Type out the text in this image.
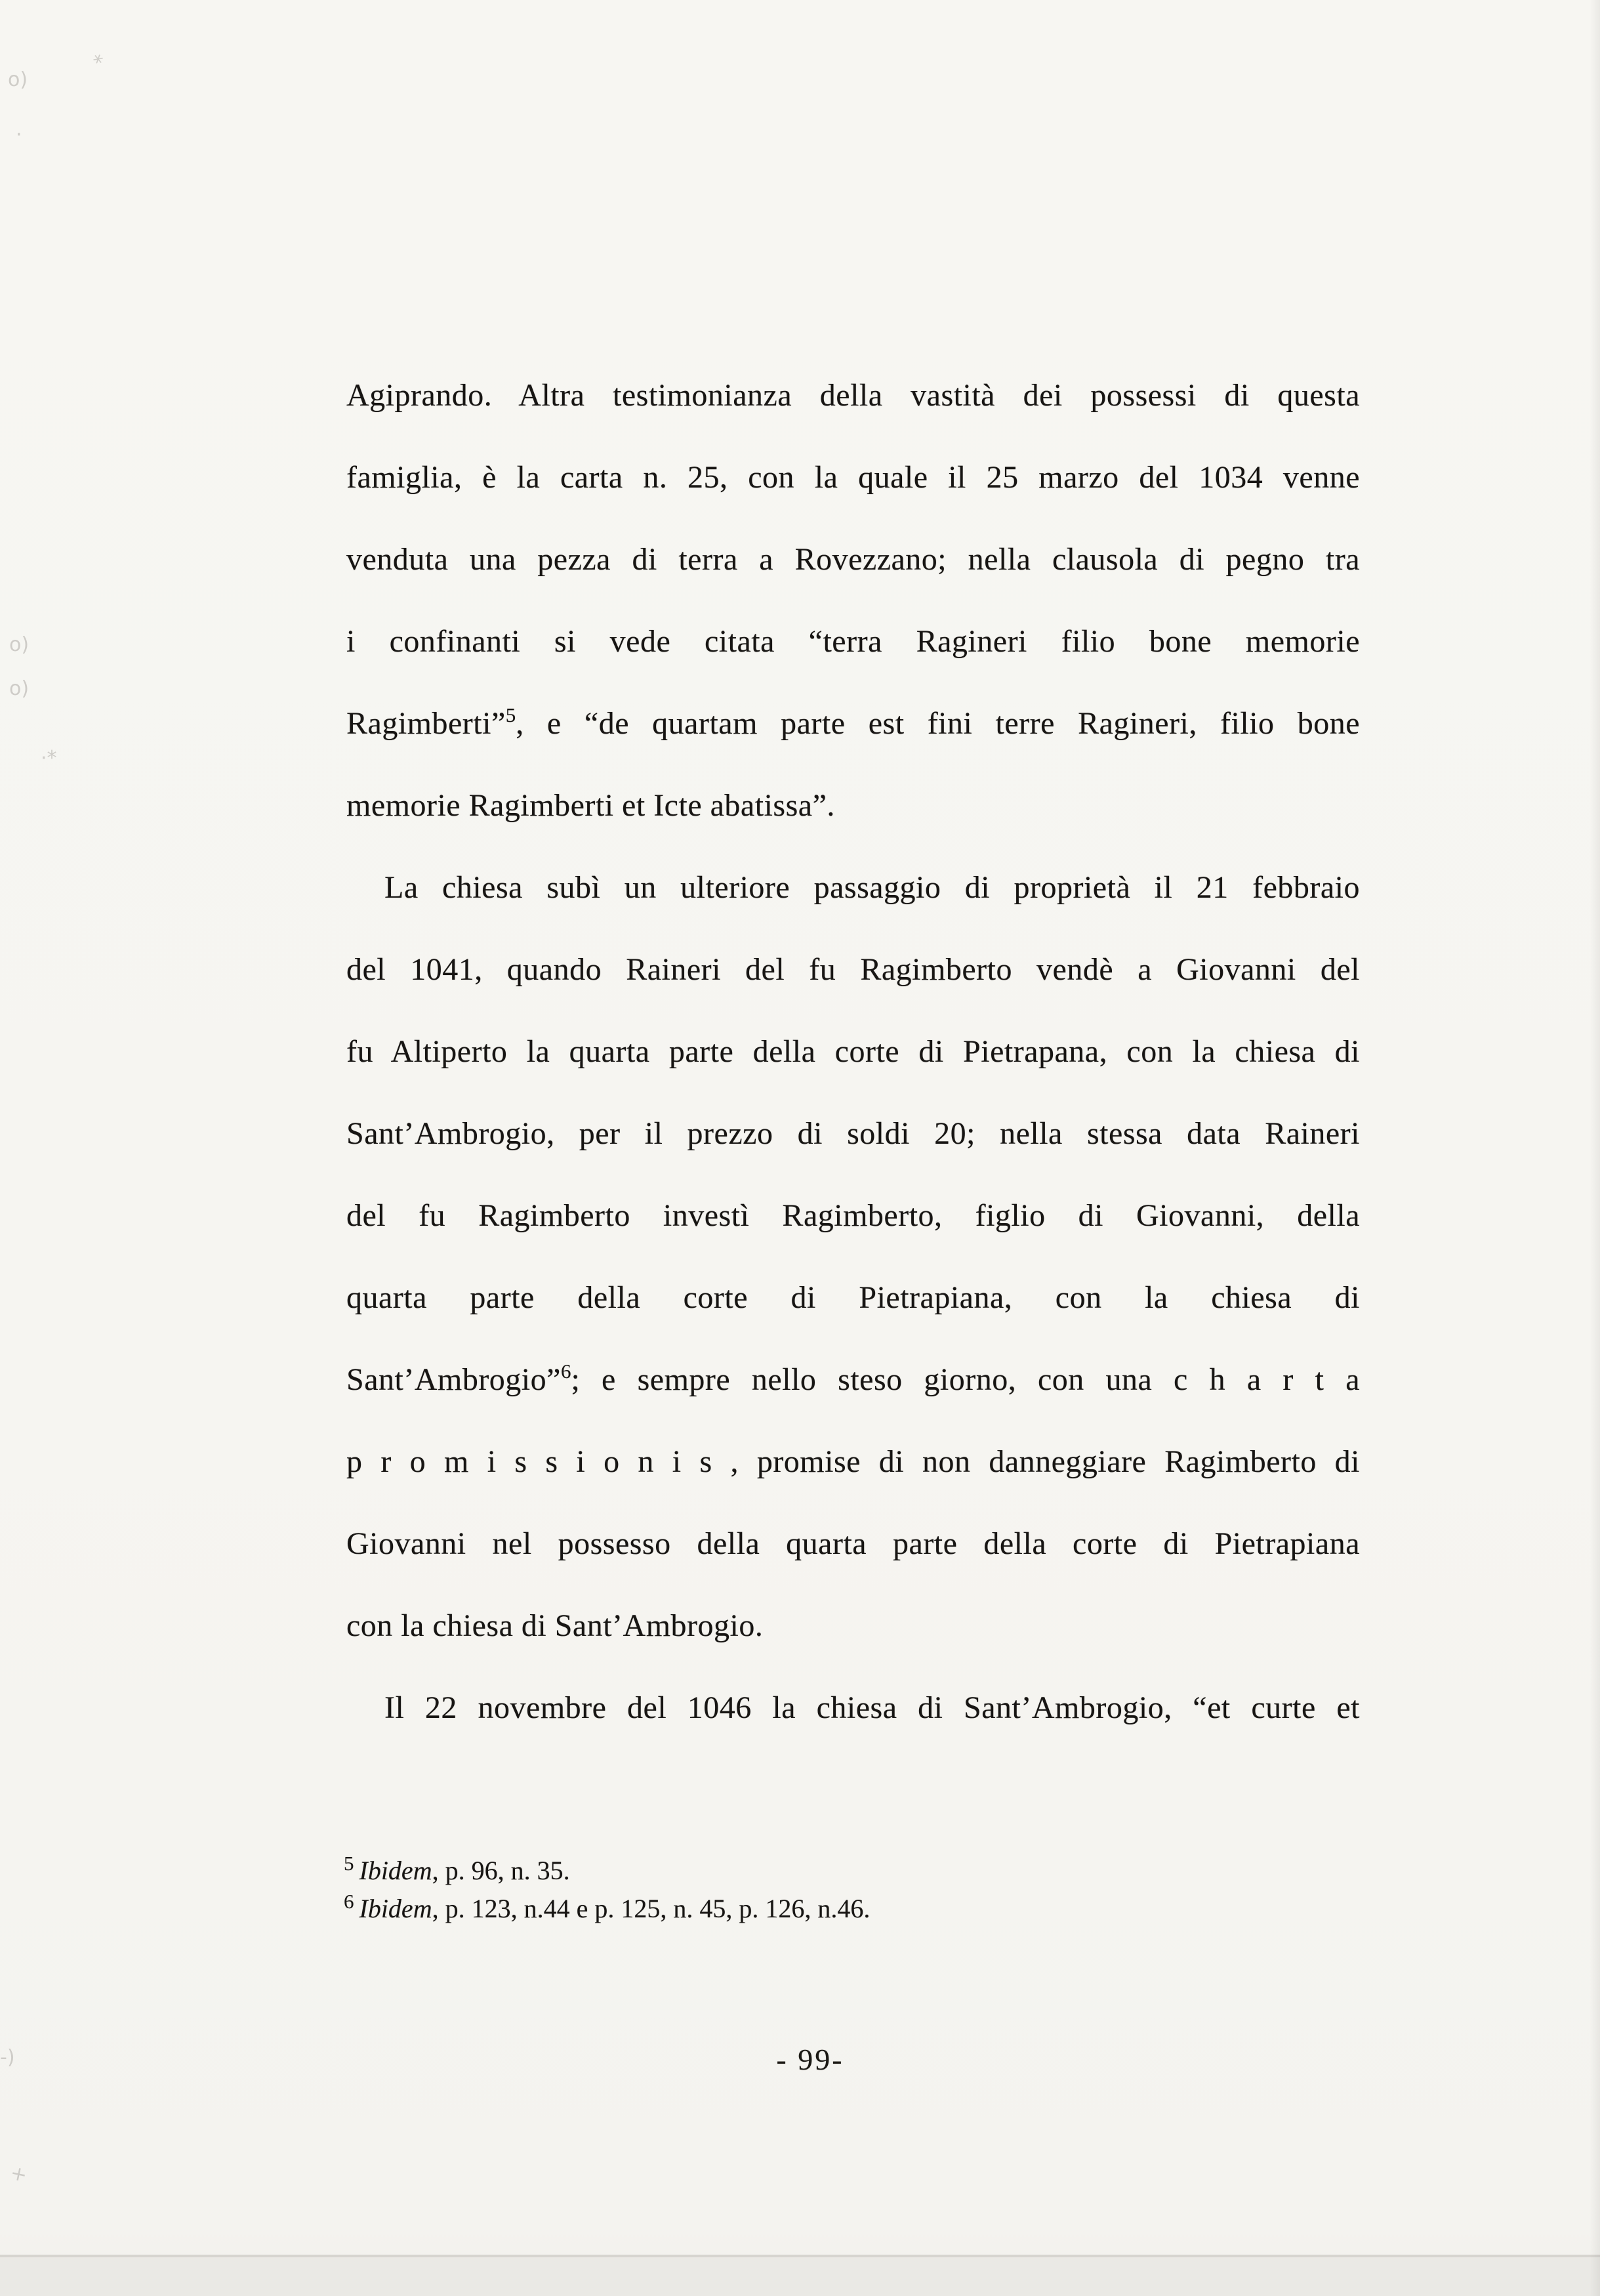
*
o)
·
o)
o)
·*
-)
+
Agiprando. Altra testimonianza della vastità dei possessi di questa
famiglia, è la carta n. 25, con la quale il 25 marzo del 1034 venne
venduta una pezza di terra a Rovezzano; nella clausola di pegno tra
i confinanti si vede citata “terra Ragineri filio bone memorie
Ragimberti”$^5$, e “de quartam parte est fini terre Ragineri, filio bone
memorie Ragimberti et Icte abatissa”.
La chiesa subì un ulteriore passaggio di proprietà il 21 febbraio
del 1041, quando Raineri del fu Ragimberto vendè a Giovanni del
fu Altiperto la quarta parte della corte di Pietrapana, con la chiesa di
Sant’Ambrogio, per il prezzo di soldi 20; nella stessa data Raineri
del fu Ragimberto investì Ragimberto, figlio di Giovanni, della
quarta parte della corte di Pietrapiana, con la chiesa di
Sant’Ambrogio”$^6$; e sempre nello steso giorno, con una c h a r t a
p r o m i s s i o n i s , promise di non danneggiare Ragimberto di
Giovanni nel possesso della quarta parte della corte di Pietrapiana
con la chiesa di Sant’Ambrogio.
Il 22 novembre del 1046 la chiesa di Sant’Ambrogio, “et curte et
$^5$ Ibidem, p. 96, n. 35.
$^6$ Ibidem, p. 123, n.44 e p. 125, n. 45, p. 126, n.46.
- 99-
